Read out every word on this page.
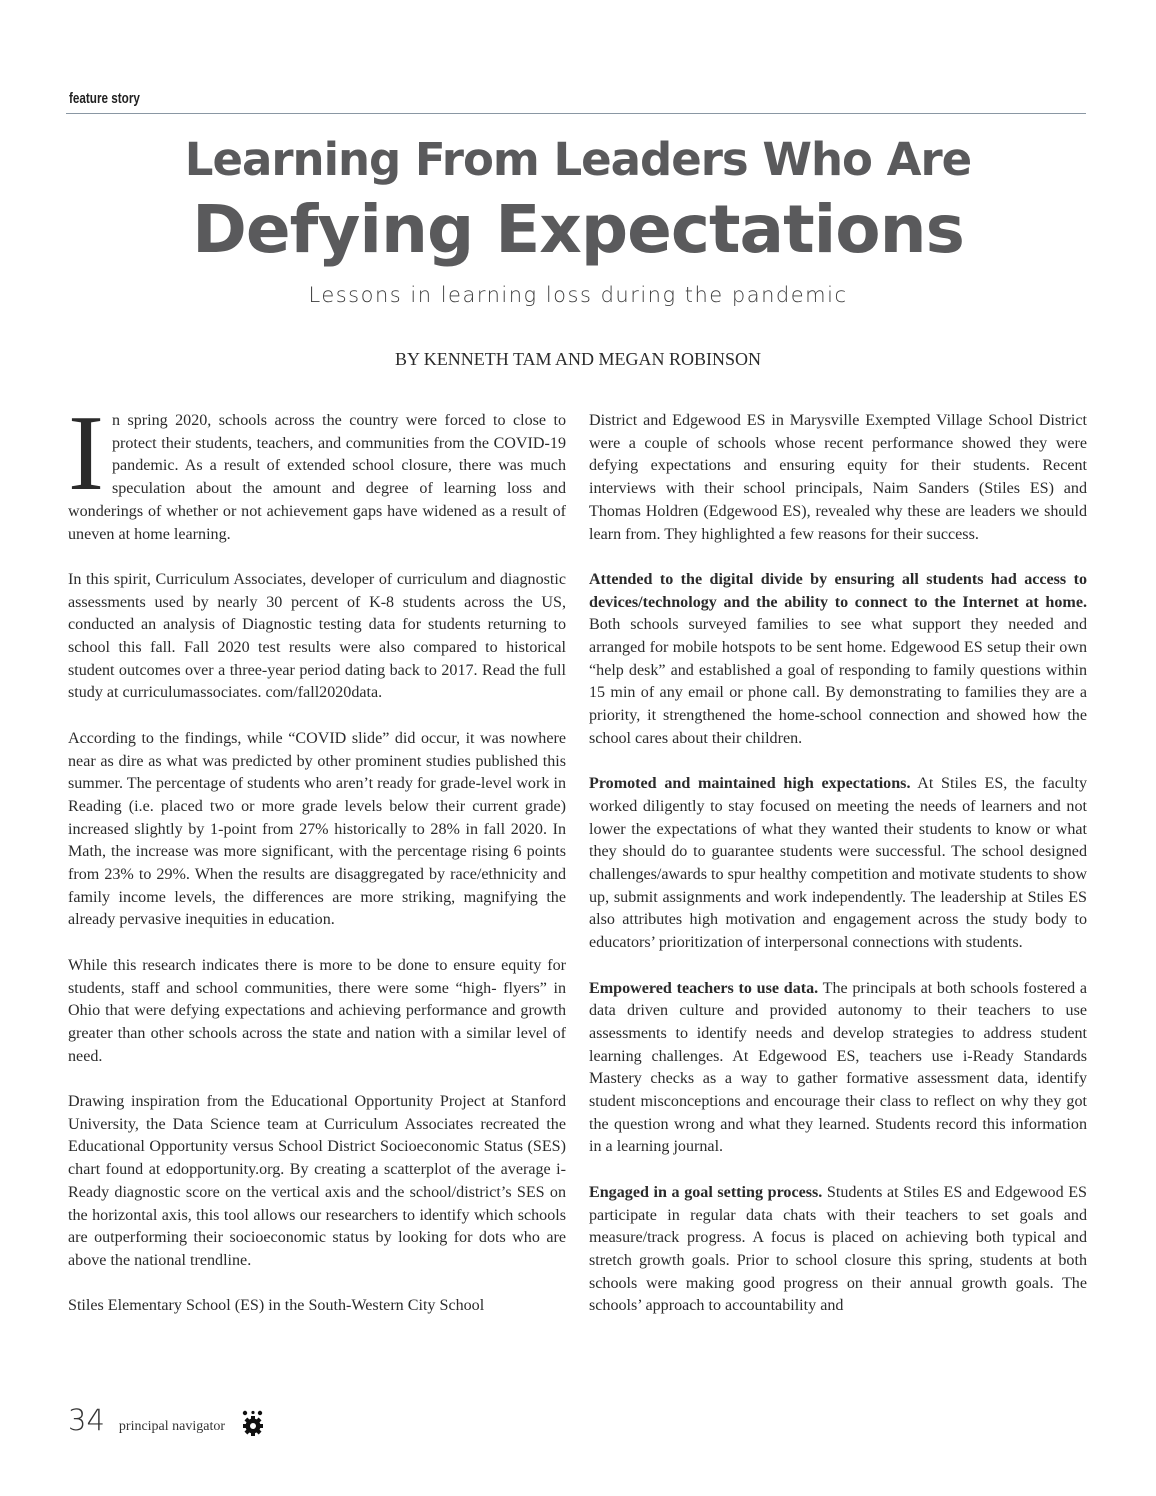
feature story
Learning From Leaders Who Are
Defying Expectations
Lessons in learning loss during the pandemic
BY KENNETH TAM AND MEGAN ROBINSON

In spring 2020, schools across the country were forced to close to protect their students, teachers, and communities from the COVID-19 pandemic. As a result of extended school closure, there was much speculation about the amount and degree of learning loss and wonderings of whether or not achievement gaps have widened as a result of uneven at home learning.

In this spirit, Curriculum Associates, developer of curriculum and diagnostic assessments used by nearly 30 percent of K-8 students across the US, conducted an analysis of Diagnostic testing data for students returning to school this fall. Fall 2020 test results were also compared to historical student outcomes over a three-year period dating back to 2017. Read the full study at curriculumassociates. com/fall2020data.

According to the findings, while “COVID slide” did occur, it was nowhere near as dire as what was predicted by other prominent studies published this summer. The percentage of students who aren’t ready for grade-level work in Reading (i.e. placed two or more grade levels below their current grade) increased slightly by 1-point from 27% historically to 28% in fall 2020. In Math, the increase was more significant, with the percentage rising 6 points from 23% to 29%. When the results are disaggregated by race/ethnicity and family income levels, the differences are more striking, magnifying the already pervasive inequities in education.

While this research indicates there is more to be done to ensure equity for students, staff and school communities, there were some “high- flyers” in Ohio that were defying expectations and achieving performance and growth greater than other schools across the state and nation with a similar level of need.

Drawing inspiration from the Educational Opportunity Project at Stanford University, the Data Science team at Curriculum Associates recreated the Educational Opportunity versus School District Socioeconomic Status (SES) chart found at edopportunity.org. By creating a scatterplot of the average i-Ready diagnostic score on the vertical axis and the school/district’s SES on the horizontal axis, this tool allows our researchers to identify which schools are outperforming their socioeconomic status by looking for dots who are above the national trendline.

Stiles Elementary School (ES) in the South-Western City School

District and Edgewood ES in Marysville Exempted Village School District were a couple of schools whose recent performance showed they were defying expectations and ensuring equity for their students. Recent interviews with their school principals, Naim Sanders (Stiles ES) and Thomas Holdren (Edgewood ES), revealed why these are leaders we should learn from. They highlighted a few reasons for their success.

Attended to the digital divide by ensuring all students had access to devices/technology and the ability to connect to the Internet at home. Both schools surveyed families to see what support they needed and arranged for mobile hotspots to be sent home. Edgewood ES setup their own “help desk” and established a goal of responding to family questions within 15 min of any email or phone call. By demonstrating to families they are a priority, it strengthened the home-school connection and showed how the school cares about their children.

Promoted and maintained high expectations. At Stiles ES, the faculty worked diligently to stay focused on meeting the needs of learners and not lower the expectations of what they wanted their students to know or what they should do to guarantee students were successful. The school designed challenges/awards to spur healthy competition and motivate students to show up, submit assignments and work independently. The leadership at Stiles ES also attributes high motivation and engagement across the study body to educators’ prioritization of interpersonal connections with students.

Empowered teachers to use data. The principals at both schools fostered a data driven culture and provided autonomy to their teachers to use assessments to identify needs and develop strategies to address student learning challenges. At Edgewood ES, teachers use i-Ready Standards Mastery checks as a way to gather formative assessment data, identify student misconceptions and encourage their class to reflect on why they got the question wrong and what they learned. Students record this information in a learning journal.

Engaged in a goal setting process. Students at Stiles ES and Edgewood ES participate in regular data chats with their teachers to set goals and measure/track progress. A focus is placed on achieving both typical and stretch growth goals. Prior to school closure this spring, students at both schools were making good progress on their annual growth goals. The schools’ approach to accountability and

34 principal navigator
